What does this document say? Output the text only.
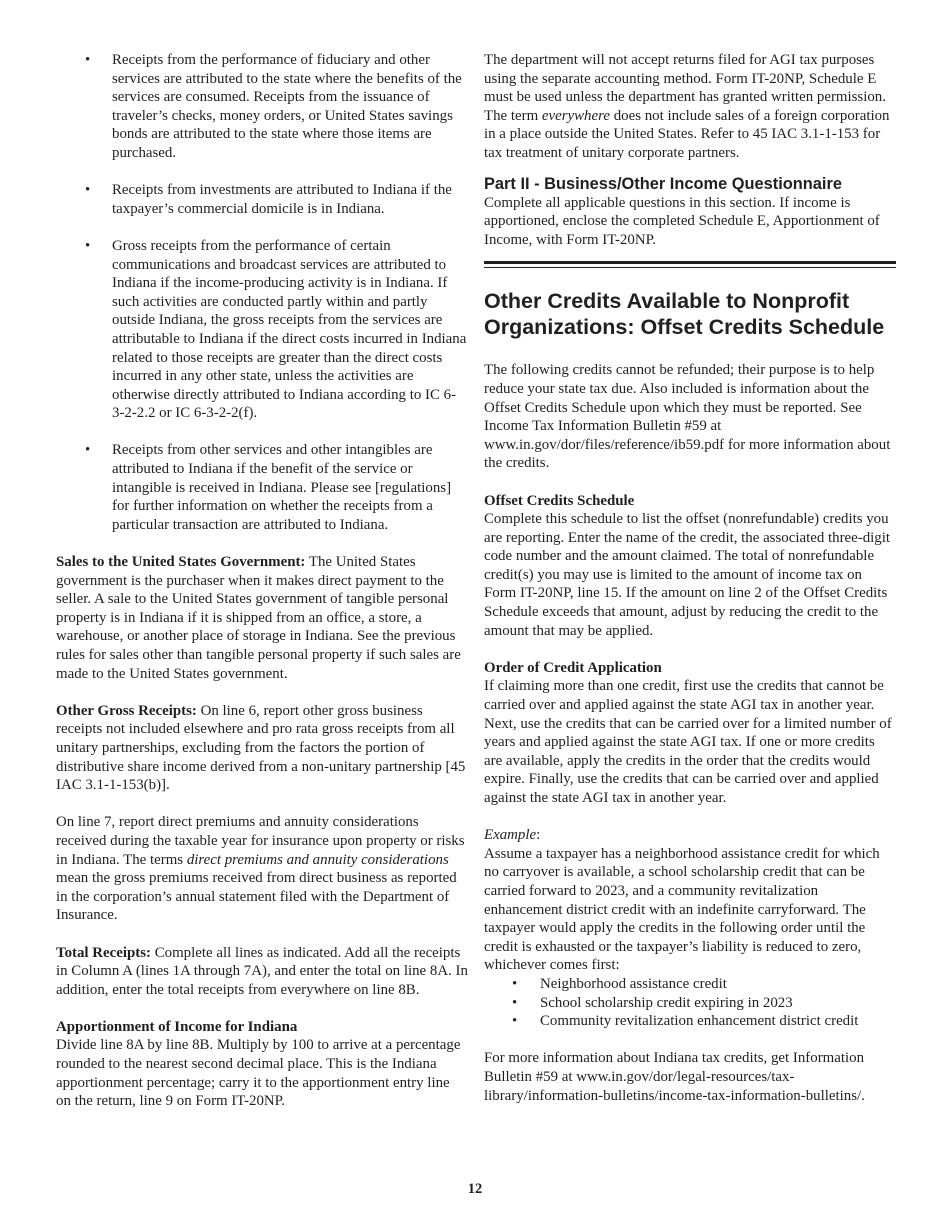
• Receipts from the performance of fiduciary and other services are attributed to the state where the benefits of the services are consumed. Receipts from the issuance of traveler’s checks, money orders, or United States savings bonds are attributed to the state where those items are purchased.
• Receipts from investments are attributed to Indiana if the taxpayer’s commercial domicile is in Indiana.
• Gross receipts from the performance of certain communications and broadcast services are attributed to Indiana if the income-producing activity is in Indiana. If such activities are conducted partly within and partly outside Indiana, the gross receipts from the services are attributable to Indiana if the direct costs incurred in Indiana related to those receipts are greater than the direct costs incurred in any other state, unless the activities are otherwise directly attributed to Indiana according to IC 6-3-2-2.2 or IC 6-3-2-2(f).
• Receipts from other services and other intangibles are attributed to Indiana if the benefit of the service or intangible is received in Indiana. Please see [regulations] for further information on whether the receipts from a particular transaction are attributed to Indiana.

Sales to the United States Government: The United States government is the purchaser when it makes direct payment to the seller. A sale to the United States government of tangible personal property is in Indiana if it is shipped from an office, a store, a warehouse, or another place of storage in Indiana. See the previous rules for sales other than tangible personal property if such sales are made to the United States government.

Other Gross Receipts: On line 6, report other gross business receipts not included elsewhere and pro rata gross receipts from all unitary partnerships, excluding from the factors the portion of distributive share income derived from a non-unitary partnership [45 IAC 3.1-1-153(b)].

On line 7, report direct premiums and annuity considerations received during the taxable year for insurance upon property or risks in Indiana. The terms direct premiums and annuity considerations mean the gross premiums received from direct business as reported in the corporation’s annual statement filed with the Department of Insurance.

Total Receipts: Complete all lines as indicated. Add all the receipts in Column A (lines 1A through 7A), and enter the total on line 8A. In addition, enter the total receipts from everywhere on line 8B.

Apportionment of Income for Indiana
Divide line 8A by line 8B. Multiply by 100 to arrive at a percentage rounded to the nearest second decimal place. This is the Indiana apportionment percentage; carry it to the apportionment entry line on the return, line 9 on Form IT-20NP.

The department will not accept returns filed for AGI tax purposes using the separate accounting method. Form IT-20NP, Schedule E must be used unless the department has granted written permission. The term everywhere does not include sales of a foreign corporation in a place outside the United States. Refer to 45 IAC 3.1-1-153 for tax treatment of unitary corporate partners.

Part II - Business/Other Income Questionnaire

Complete all applicable questions in this section. If income is apportioned, enclose the completed Schedule E, Apportionment of Income, with Form IT-20NP.

Other Credits Available to Nonprofit Organizations: Offset Credits Schedule

The following credits cannot be refunded; their purpose is to help reduce your state tax due. Also included is information about the Offset Credits Schedule upon which they must be reported. See Income Tax Information Bulletin #59 at www.in.gov/dor/files/reference/ib59.pdf for more information about the credits.

Offset Credits Schedule
Complete this schedule to list the offset (nonrefundable) credits you are reporting. Enter the name of the credit, the associated three-digit code number and the amount claimed. The total of nonrefundable credit(s) you may use is limited to the amount of income tax on Form IT-20NP, line 15. If the amount on line 2 of the Offset Credits Schedule exceeds that amount, adjust by reducing the credit to the amount that may be applied.

Order of Credit Application
If claiming more than one credit, first use the credits that cannot be carried over and applied against the state AGI tax in another year. Next, use the credits that can be carried over for a limited number of years and applied against the state AGI tax. If one or more credits are available, apply the credits in the order that the credits would expire. Finally, use the credits that can be carried over and applied against the state AGI tax in another year.

Example:
Assume a taxpayer has a neighborhood assistance credit for which no carryover is available, a school scholarship credit that can be carried forward to 2023, and a community revitalization enhancement district credit with an indefinite carryforward. The taxpayer would apply the credits in the following order until the credit is exhausted or the taxpayer’s liability is reduced to zero, whichever comes first:

• Neighborhood assistance credit
• School scholarship credit expiring in 2023
• Community revitalization enhancement district credit

For more information about Indiana tax credits, get Information Bulletin #59 at www.in.gov/dor/legal-resources/tax-library/information-bulletins/income-tax-information-bulletins/.

12
